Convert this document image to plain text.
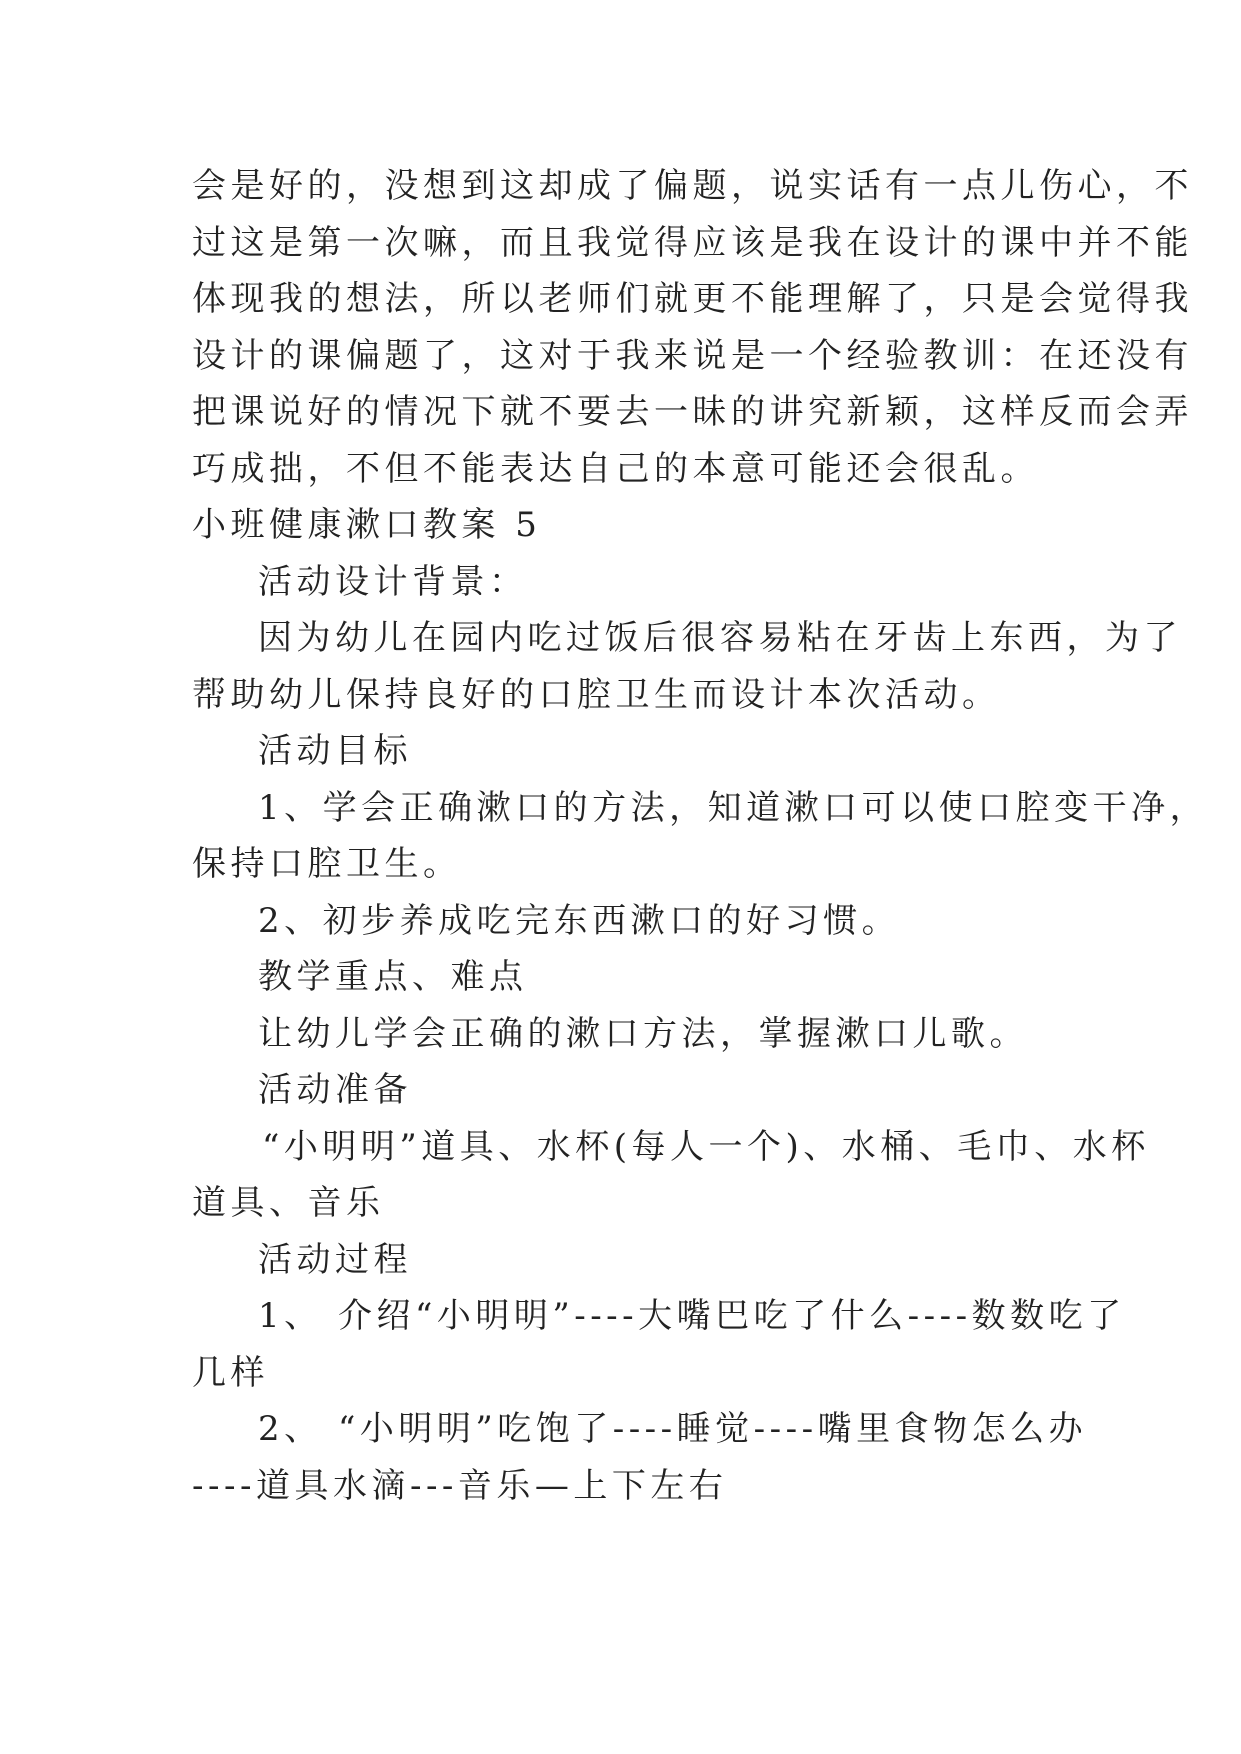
会是好的，没想到这却成了偏题，说实话有一点儿伤心，不
过这是第一次嘛，而且我觉得应该是我在设计的课中并不能
体现我的想法，所以老师们就更不能理解了，只是会觉得我
设计的课偏题了，这对于我来说是一个经验教训：在还没有
把课说好的情况下就不要去一昧的讲究新颖，这样反而会弄
巧成拙，不但不能表达自己的本意可能还会很乱。
小班健康漱口教案 5
活动设计背景：
因为幼儿在园内吃过饭后很容易粘在牙齿上东西，为了
帮助幼儿保持良好的口腔卫生而设计本次活动。
活动目标
1、学会正确漱口的方法，知道漱口可以使口腔变干净，
保持口腔卫生。
2、初步养成吃完东西漱口的好习惯。
教学重点、难点
让幼儿学会正确的漱口方法，掌握漱口儿歌。
活动准备
“小明明”道具、水杯(每人一个)、水桶、毛巾、水杯
道具、音乐
活动过程
1、 介绍“小明明”----大嘴巴吃了什么----数数吃了
几样
2、 “小明明”吃饱了----睡觉----嘴里食物怎么办
----道具水滴---音乐—上下左右
